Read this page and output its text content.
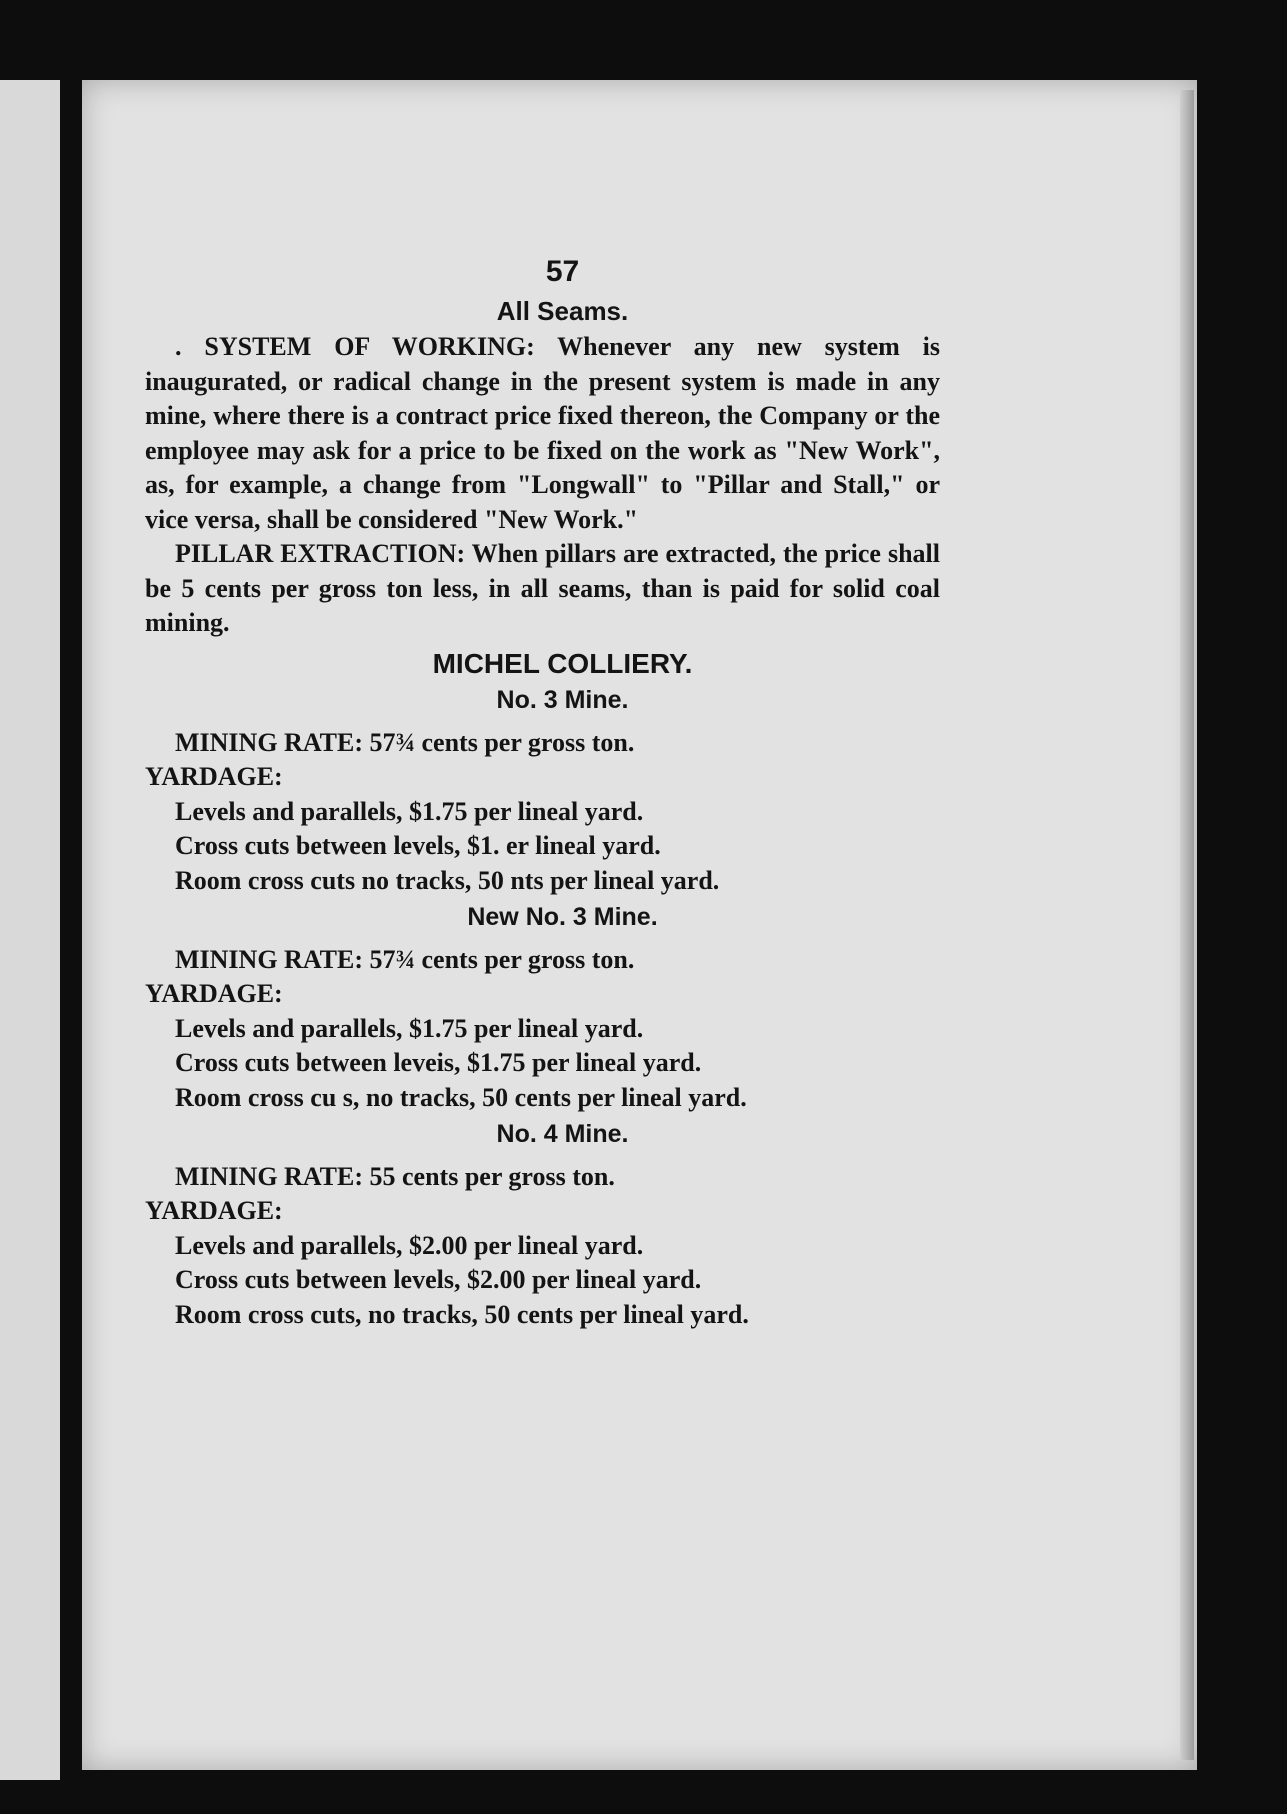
57
All Seams.

. SYSTEM OF WORKING: Whenever any new system is inaugurated, or radical change in the present system is made in any mine, where there is a contract price fixed thereon, the Company or the employee may ask for a price to be fixed on the work as "New Work", as, for example, a change from "Longwall" to "Pillar and Stall," or vice versa, shall be considered "New Work."

PILLAR EXTRACTION: When pillars are extracted, the price shall be 5 cents per gross ton less, in all seams, than is paid for solid coal mining.

MICHEL COLLIERY.
No. 3 Mine.

MINING RATE: 57¾ cents per gross ton.

YARDAGE:

Levels and parallels, $1.75 per lineal yard.

Cross cuts between levels, $1. er lineal yard.

Room cross cuts no tracks, 50 nts per lineal yard.

New No. 3 Mine.

MINING RATE: 57¾ cents per gross ton.

YARDAGE:

Levels and parallels, $1.75 per lineal yard.

Cross cuts between leveis, $1.75 per lineal yard.

Room cross cu s, no tracks, 50 cents per lineal yard.

No. 4 Mine.

MINING RATE: 55 cents per gross ton.

YARDAGE:

Levels and parallels, $2.00 per lineal yard.

Cross cuts between levels, $2.00 per lineal yard.

Room cross cuts, no tracks, 50 cents per lineal yard.
